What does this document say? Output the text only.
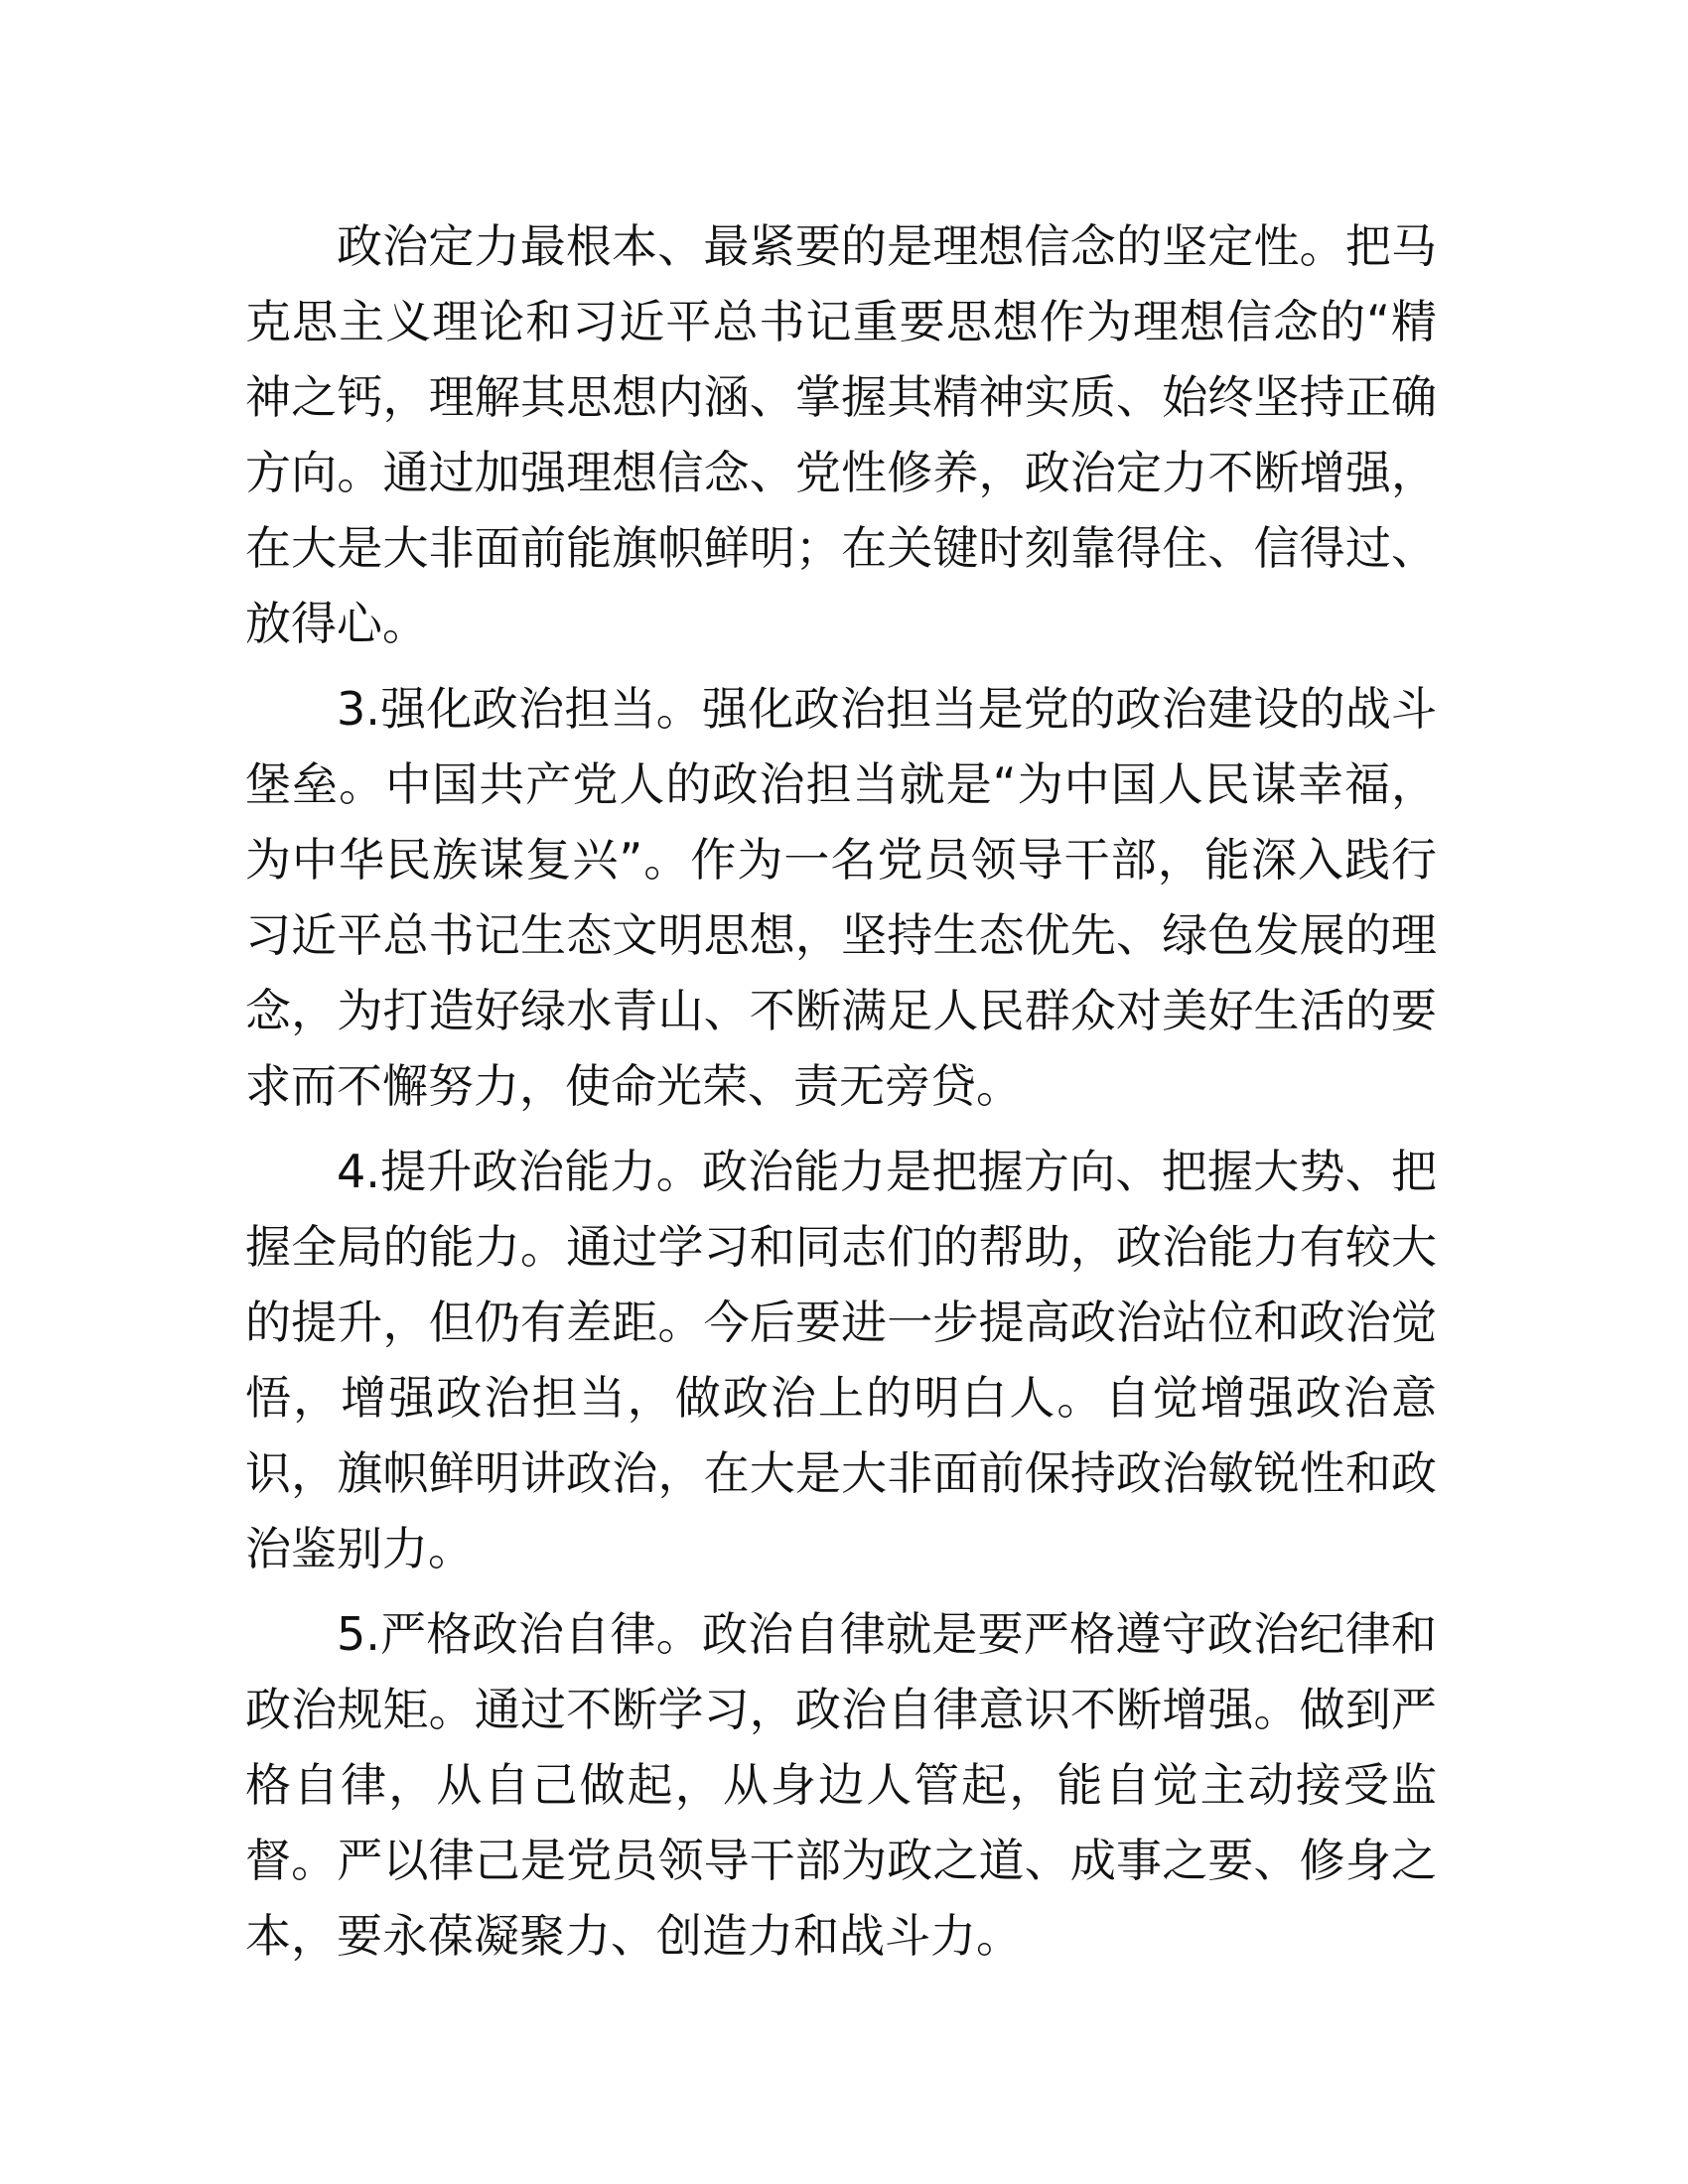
政治定力最根本、最紧要的是理想信念的坚定性。把马克思主义理论和习近平总书记重要思想作为理想信念的“精神之钙，理解其思想内涵、掌握其精神实质、始终坚持正确方向。通过加强理想信念、党性修养，政治定力不断增强，在大是大非面前能旗帜鲜明；在关键时刻靠得住、信得过、放得心。

3.强化政治担当。强化政治担当是党的政治建设的战斗堡垒。中国共产党人的政治担当就是“为中国人民谋幸福，为中华民族谋复兴”。作为一名党员领导干部，能深入践行习近平总书记生态文明思想，坚持生态优先、绿色发展的理念，为打造好绿水青山、不断满足人民群众对美好生活的要求而不懈努力，使命光荣、责无旁贷。

4.提升政治能力。政治能力是把握方向、把握大势、把握全局的能力。通过学习和同志们的帮助，政治能力有较大的提升，但仍有差距。今后要进一步提高政治站位和政治觉悟，增强政治担当，做政治上的明白人。自觉增强政治意识，旗帜鲜明讲政治，在大是大非面前保持政治敏锐性和政治鉴别力。

5.严格政治自律。政治自律就是要严格遵守政治纪律和政治规矩。通过不断学习，政治自律意识不断增强。做到严格自律，从自己做起，从身边人管起，能自觉主动接受监督。严以律己是党员领导干部为政之道、成事之要、修身之本，要永葆凝聚力、创造力和战斗力。
